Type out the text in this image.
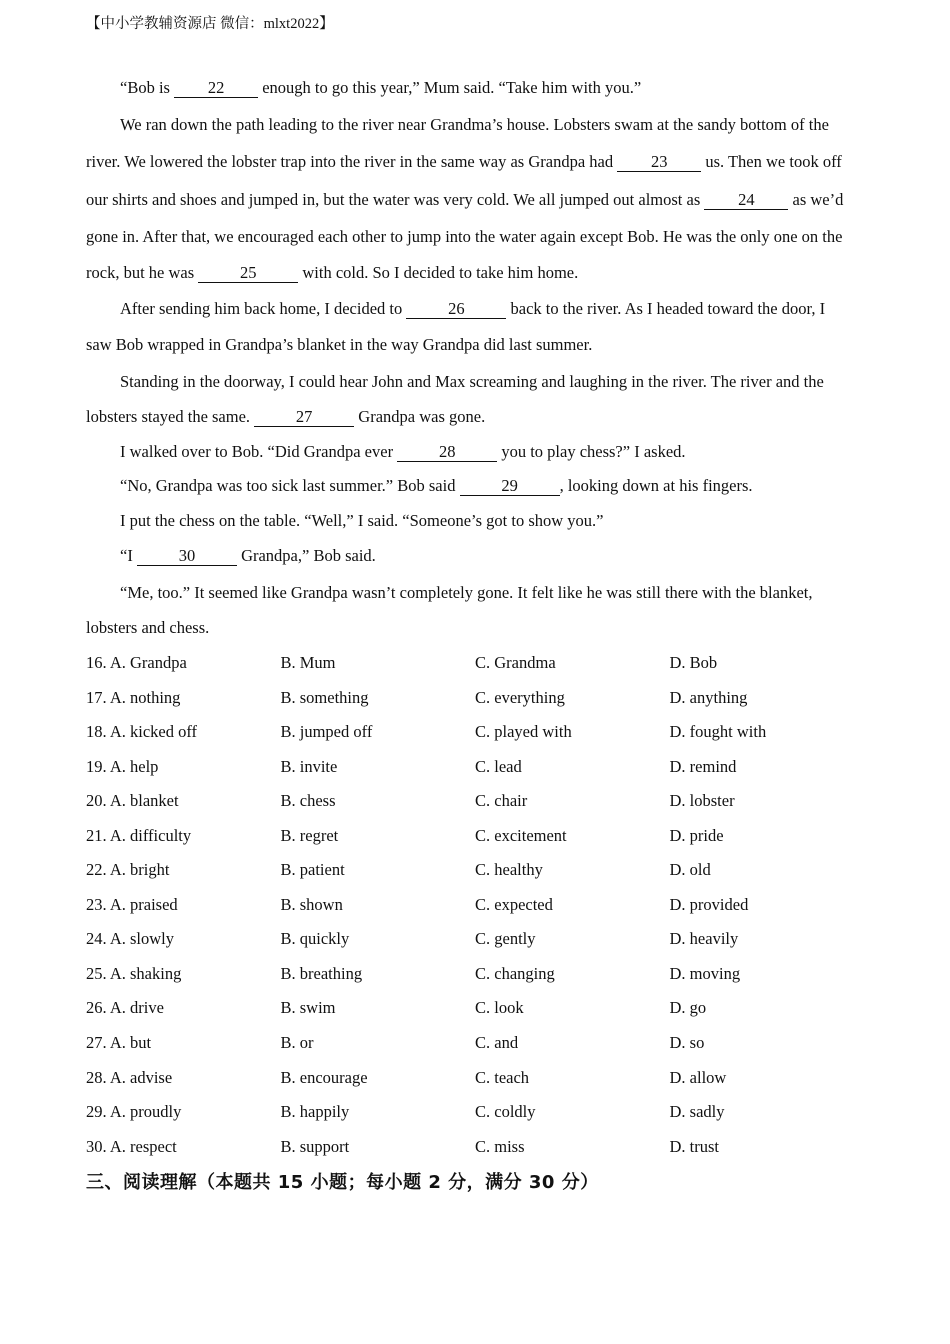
【中小学教辅资源店 微信：mlxt2022】
“Bob is 22 enough to go this year,” Mum said. “Take him with you.”
We ran down the path leading to the river near Grandma’s house. Lobsters swam at the sandy bottom of the
river. We lowered the lobster trap into the river in the same way as Grandpa had 23 us. Then we took off
our shirts and shoes and jumped in, but the water was very cold. We all jumped out almost as 24 as we’d
gone in. After that, we encouraged each other to jump into the water again except Bob. He was the only one on the
rock, but he was	25	with cold. So I decided to take him home.
After sending him back home, I decided to	26	back to the river. As I headed toward the door, I
saw Bob wrapped in Grandpa’s blanket in the way Grandpa did last summer.
Standing in the doorway, I could hear John and Max screaming and laughing in the river. The river and the
lobsters stayed the same.	27	Grandpa was gone.
I walked over to Bob. “Did Grandpa ever	28	you to play chess?” I asked.
“No, Grandpa was too sick last summer.” Bob said	29	, looking down at his fingers.
I put the chess on the table. “Well,” I said. “Someone’s got to show you.”
“I	30	Grandpa,” Bob said.
“Me, too.” It seemed like Grandpa wasn’t completely gone. It felt like he was still there with the blanket,
lobsters and chess.
16. A. Grandpa	B. Mum	C. Grandma	D. Bob
17. A. nothing	B. something	C. everything	D. anything
18. A. kicked off	B. jumped off	C. played with	D. fought with
19. A. help	B. invite	C. lead	D. remind
20. A. blanket	B. chess	C. chair	D. lobster
21. A. difficulty	B. regret	C. excitement	D. pride
22. A. bright	B. patient	C. healthy	D. old
23. A. praised	B. shown	C. expected	D. provided
24. A. slowly	B. quickly	C. gently	D. heavily
25. A. shaking	B. breathing	C. changing	D. moving
26. A. drive	B. swim	C. look	D. go
27. A. but	B. or	C. and	D. so
28. A. advise	B. encourage	C. teach	D. allow
29. A. proudly	B. happily	C. coldly	D. sadly
30. A. respect	B. support	C. miss	D. trust
三、阅读理解（本题共 15 小题；每小题 2 分，满分 30 分）
